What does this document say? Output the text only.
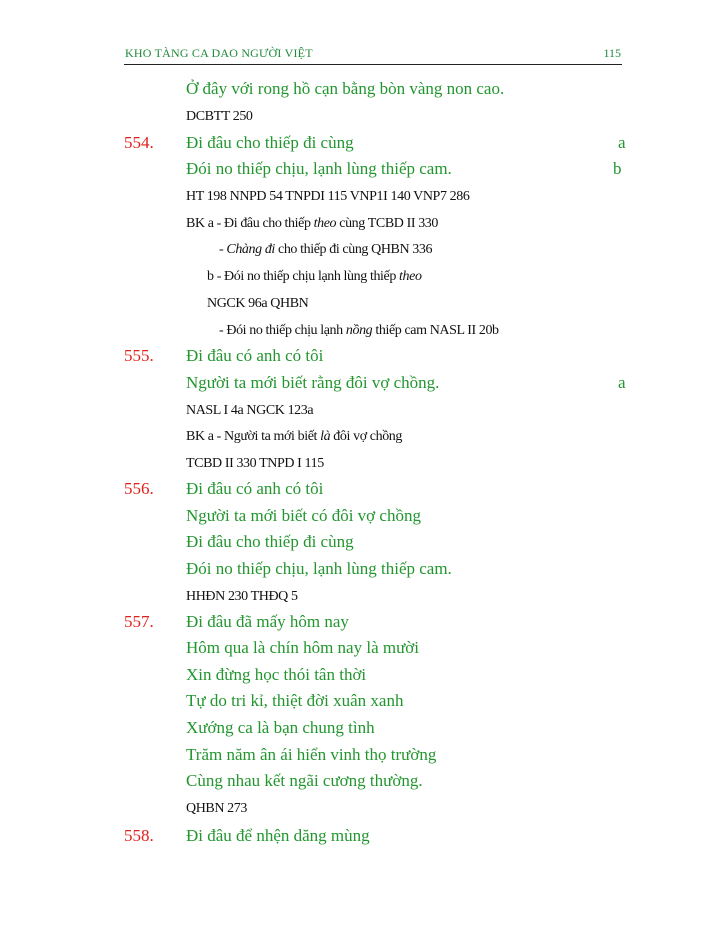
KHO TÀNG CA DAO NGƯỜI VIỆT	115
Ở đây với rong hồ cạn bằng bòn vàng non cao.
DCBTT 250
554. Đi đâu cho thiếp đi cùng	a
Đói no thiếp chịu, lạnh lùng thiếp cam.	b
HT 198 NNPD 54 TNPDI 115 VNP1I 140 VNP7 286
BK a - Đi đâu cho thiếp theo cùng TCBD II 330
- Chàng đi cho thiếp đi cùng QHBN 336
b - Đói no thiếp chịu lạnh lùng thiếp theo
NGCK 96a QHBN
- Đói no thiếp chịu lạnh nồng thiếp cam NASL II 20b
555. Đi đâu có anh có tôi
Người ta mới biết rằng đôi vợ chồng.	a
NASL I 4a NGCK 123a
BK a - Người ta mới biết là đôi vợ chồng
TCBD II 330 TNPD I 115
556. Đi đâu có anh có tôi
Người ta mới biết có đôi vợ chồng
Đi đâu cho thiếp đi cùng
Đói no thiếp chịu, lạnh lùng thiếp cam.
HHĐN 230 THĐQ 5
557. Đi đâu đã mấy hôm nay
Hôm qua là chín hôm nay là mười
Xin đừng học thói tân thời
Tự do tri kỉ, thiệt đời xuân xanh
Xướng ca là bạn chung tình
Trăm năm ân ái hiển vinh thọ trường
Cùng nhau kết ngãi cương thường.
QHBN 273
558. Đi đâu để nhện dăng mùng
